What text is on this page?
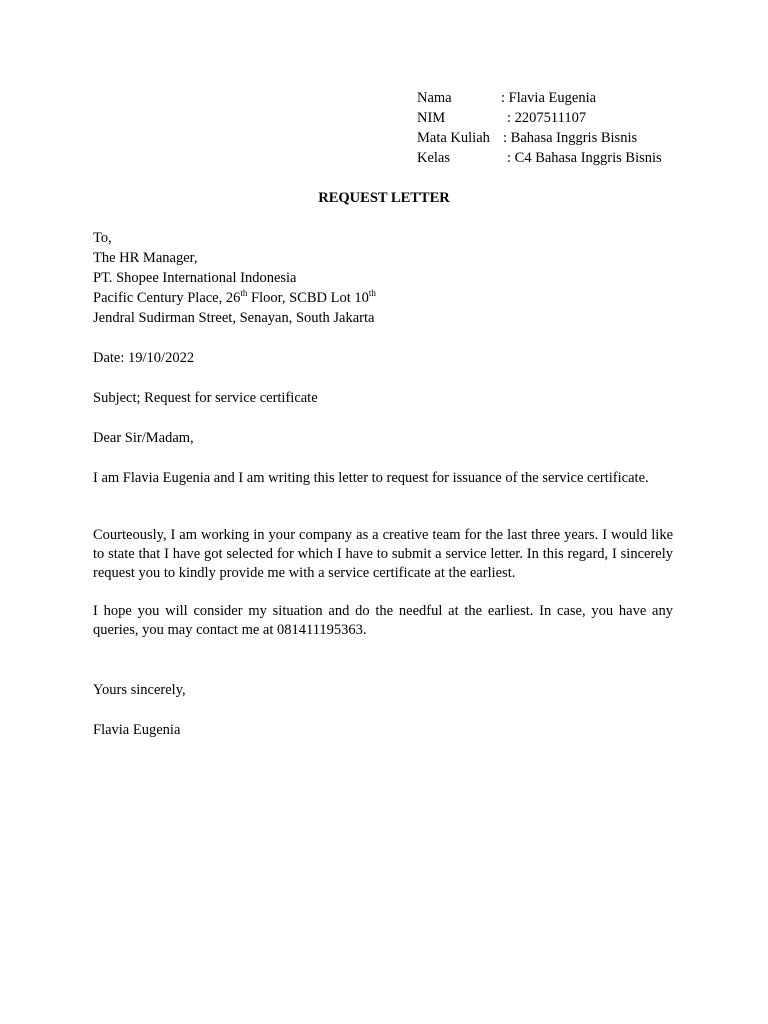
Nama	: Flavia Eugenia
NIM	: 2207511107
Mata Kuliah : Bahasa Inggris Bisnis
Kelas	: C4 Bahasa Inggris Bisnis
REQUEST LETTER
To,
The HR Manager,
PT. Shopee International Indonesia
Pacific Century Place, 26th Floor, SCBD Lot 10th
Jendral Sudirman Street, Senayan, South Jakarta
Date: 19/10/2022
Subject; Request for service certificate
Dear Sir/Madam,
I am Flavia Eugenia and I am writing this letter to request for issuance of the service certificate.
Courteously, I am working in your company as a creative team for the last three years. I would like to state that I have got selected for which I have to submit a service letter. In this regard, I sincerely request you to kindly provide me with a service certificate at the earliest.
I hope you will consider my situation and do the needful at the earliest. In case, you have any queries, you may contact me at 081411195363.
Yours sincerely,
Flavia Eugenia
